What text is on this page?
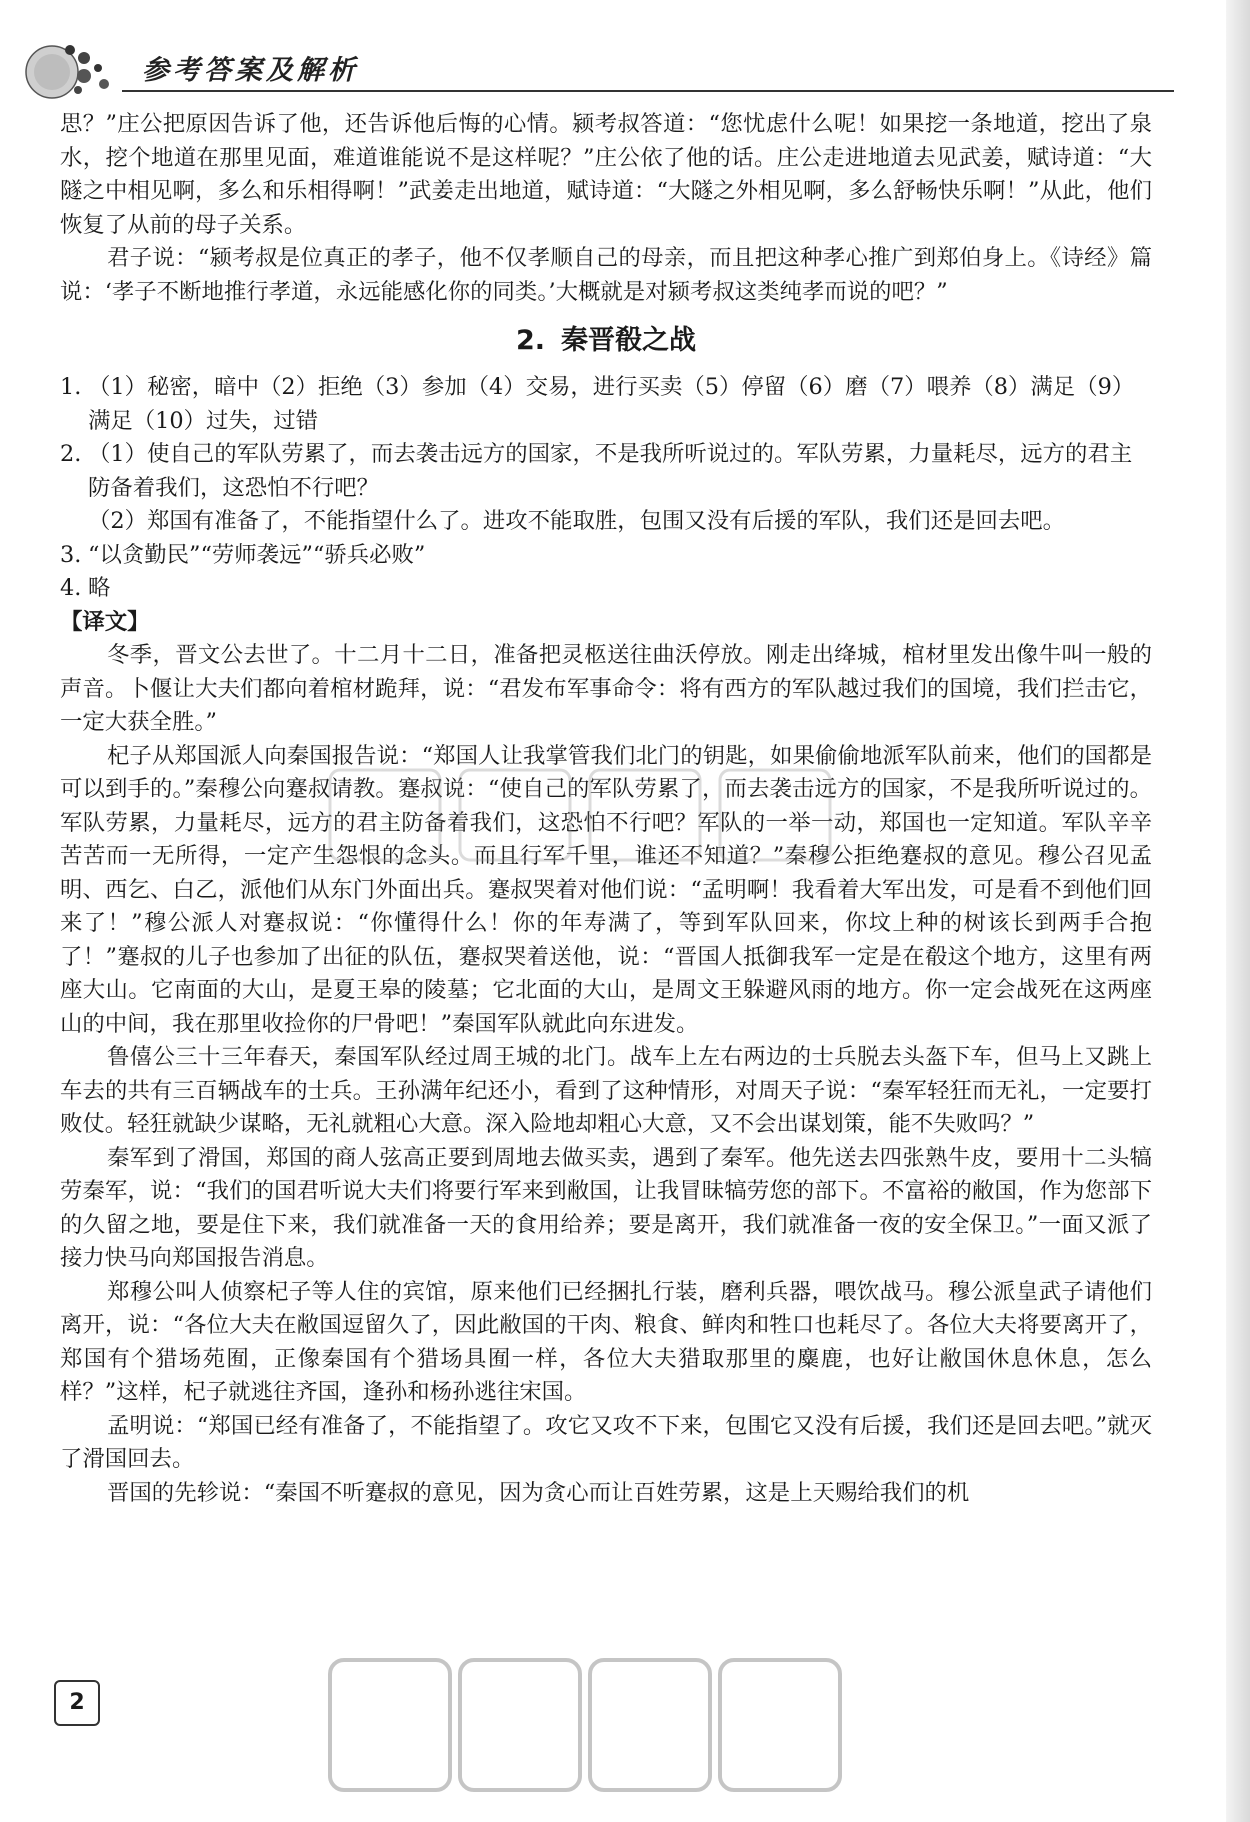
参考答案及解析

思？”庄公把原因告诉了他，还告诉他后悔的心情。颍考叔答道：“您忧虑什么呢！如果挖一条地道，挖出了泉水，挖个地道在那里见面，难道谁能说不是这样呢？”庄公依了他的话。庄公走进地道去见武姜，赋诗道：“大隧之中相见啊，多么和乐相得啊！”武姜走出地道，赋诗道：“大隧之外相见啊，多么舒畅快乐啊！”从此，他们恢复了从前的母子关系。

君子说：“颍考叔是位真正的孝子，他不仅孝顺自己的母亲，而且把这种孝心推广到郑伯身上。《诗经》篇说：‘孝子不断地推行孝道，永远能感化你的同类。’大概就是对颍考叔这类纯孝而说的吧？”

2. 秦晋殽之战
1. （1）秘密，暗中（2）拒绝（3）参加（4）交易，进行买卖（5）停留（6）磨（7）喂养（8）满足（9）满足（10）过失，过错
2. （1）使自己的军队劳累了，而去袭击远方的国家，不是我所听说过的。军队劳累，力量耗尽，远方的君主防备着我们，这恐怕不行吧？

（2）郑国有准备了，不能指望什么了。进攻不能取胜，包围又没有后援的军队，我们还是回去吧。

3. “以贪勤民”“劳师袭远”“骄兵必败”
4. 略

【译文】

冬季，晋文公去世了。十二月十二日，准备把灵柩送往曲沃停放。刚走出绛城，棺材里发出像牛叫一般的声音。卜偃让大夫们都向着棺材跪拜，说：“君发布军事命令：将有西方的军队越过我们的国境，我们拦击它，一定大获全胜。”

杞子从郑国派人向秦国报告说：“郑国人让我掌管我们北门的钥匙，如果偷偷地派军队前来，他们的国都是可以到手的。”秦穆公向蹇叔请教。蹇叔说：“使自己的军队劳累了，而去袭击远方的国家，不是我所听说过的。军队劳累，力量耗尽，远方的君主防备着我们，这恐怕不行吧？军队的一举一动，郑国也一定知道。军队辛辛苦苦而一无所得，一定产生怨恨的念头。而且行军千里，谁还不知道？”秦穆公拒绝蹇叔的意见。穆公召见孟明、西乞、白乙，派他们从东门外面出兵。蹇叔哭着对他们说：“孟明啊！我看着大军出发，可是看不到他们回来了！”穆公派人对蹇叔说：“你懂得什么！你的年寿满了，等到军队回来，你坟上种的树该长到两手合抱了！”蹇叔的儿子也参加了出征的队伍，蹇叔哭着送他，说：“晋国人抵御我军一定是在殽这个地方，这里有两座大山。它南面的大山，是夏王皋的陵墓；它北面的大山，是周文王躲避风雨的地方。你一定会战死在这两座山的中间，我在那里收捡你的尸骨吧！”秦国军队就此向东进发。

鲁僖公三十三年春天，秦国军队经过周王城的北门。战车上左右两边的士兵脱去头盔下车，但马上又跳上车去的共有三百辆战车的士兵。王孙满年纪还小，看到了这种情形，对周天子说：“秦军轻狂而无礼，一定要打败仗。轻狂就缺少谋略，无礼就粗心大意。深入险地却粗心大意，又不会出谋划策，能不失败吗？”

秦军到了滑国，郑国的商人弦高正要到周地去做买卖，遇到了秦军。他先送去四张熟牛皮，要用十二头犒劳秦军，说：“我们的国君听说大夫们将要行军来到敝国，让我冒昧犒劳您的部下。不富裕的敝国，作为您部下的久留之地，要是住下来，我们就准备一天的食用给养；要是离开，我们就准备一夜的安全保卫。”一面又派了接力快马向郑国报告消息。

郑穆公叫人侦察杞子等人住的宾馆，原来他们已经捆扎行装，磨利兵器，喂饮战马。穆公派皇武子请他们离开，说：“各位大夫在敝国逗留久了，因此敝国的干肉、粮食、鲜肉和牲口也耗尽了。各位大夫将要离开了，郑国有个猎场苑囿，正像秦国有个猎场具囿一样，各位大夫猎取那里的麋鹿，也好让敝国休息休息，怎么样？”这样，杞子就逃往齐国，逢孙和杨孙逃往宋国。

孟明说：“郑国已经有准备了，不能指望了。攻它又攻不下来，包围它又没有后援，我们还是回去吧。”就灭了滑国回去。

晋国的先轸说：“秦国不听蹇叔的意见，因为贪心而让百姓劳累，这是上天赐给我们的机

2
